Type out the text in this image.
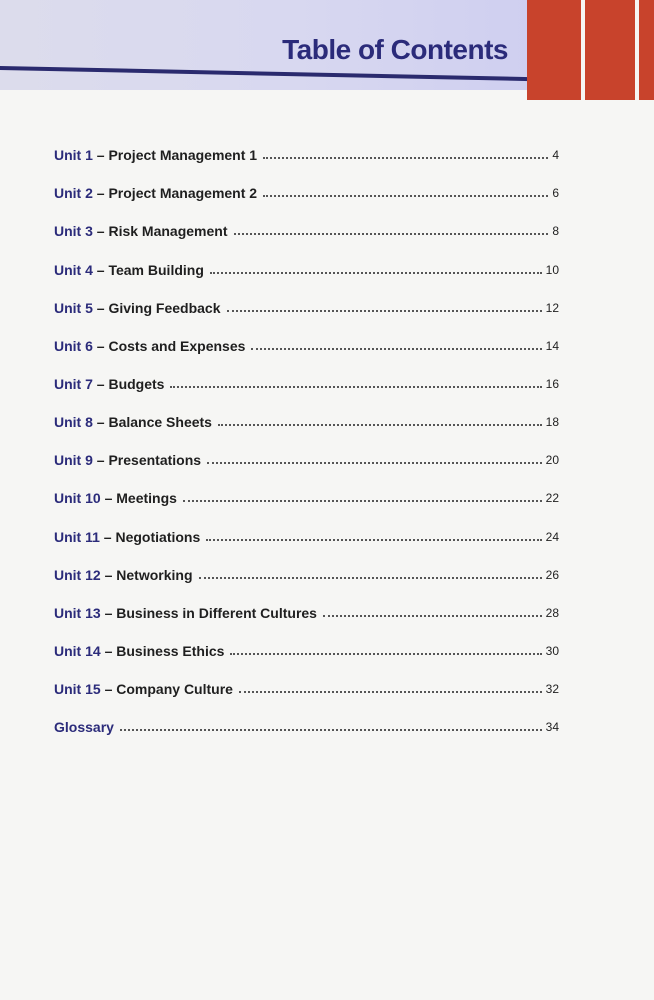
Table of Contents
Unit 1 – Project Management 1	4
Unit 2 – Project Management 2	6
Unit 3 – Risk Management	8
Unit 4 – Team Building	10
Unit 5 – Giving Feedback	12
Unit 6 – Costs and Expenses	14
Unit 7 – Budgets	16
Unit 8 – Balance Sheets	18
Unit 9 – Presentations	20
Unit 10 – Meetings	22
Unit 11 – Negotiations	24
Unit 12 – Networking	26
Unit 13 – Business in Different Cultures	28
Unit 14 – Business Ethics	30
Unit 15 – Company Culture	32
Glossary	34
